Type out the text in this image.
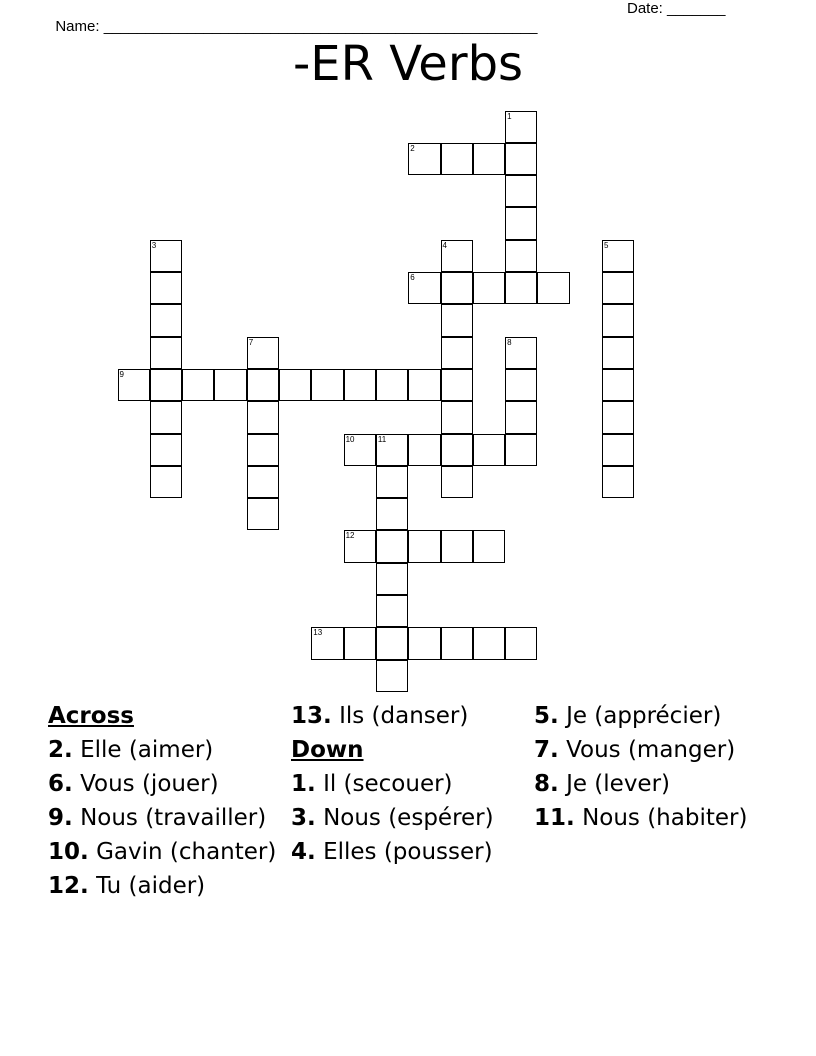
Name: ____________________________________________________

Date: _______

-ER Verbs
1
2
3	4	5
6
7	8
9
10	11
12
13
Across
2. Elle (aimer)
6. Vous (jouer)
9. Nous (travailler)
10. Gavin (chanter)
12. Tu (aider)
13. Ils (danser)
Down
1. Il (secouer)
3. Nous (espérer)
4. Elles (pousser)
5. Je (apprécier)
7. Vous (manger)
8. Je (lever)
11. Nous (habiter)
